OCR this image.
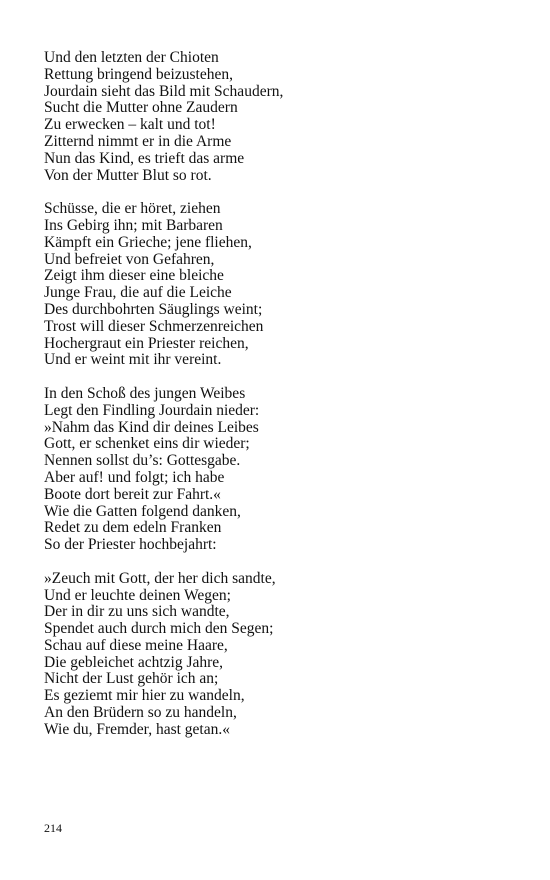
Und den letzten der Chioten
Rettung bringend beizustehen,
Jourdain sieht das Bild mit Schaudern,
Sucht die Mutter ohne Zaudern
Zu erwecken – kalt und tot!
Zitternd nimmt er in die Arme
Nun das Kind, es trieft das arme
Von der Mutter Blut so rot.
Schüsse, die er höret, ziehen
Ins Gebirg ihn; mit Barbaren
Kämpft ein Grieche; jene fliehen,
Und befreiet von Gefahren,
Zeigt ihm dieser eine bleiche
Junge Frau, die auf die Leiche
Des durchbohrten Säuglings weint;
Trost will dieser Schmerzenreichen
Hochergraut ein Priester reichen,
Und er weint mit ihr vereint.
In den Schoß des jungen Weibes
Legt den Findling Jourdain nieder:
»Nahm das Kind dir deines Leibes
Gott, er schenket eins dir wieder;
Nennen sollst du’s: Gottesgabe.
Aber auf! und folgt; ich habe
Boote dort bereit zur Fahrt.«
Wie die Gatten folgend danken,
Redet zu dem edeln Franken
So der Priester hochbejahrt:
»Zeuch mit Gott, der her dich sandte,
Und er leuchte deinen Wegen;
Der in dir zu uns sich wandte,
Spendet auch durch mich den Segen;
Schau auf diese meine Haare,
Die gebleichet achtzig Jahre,
Nicht der Lust gehör ich an;
Es geziemt mir hier zu wandeln,
An den Brüdern so zu handeln,
Wie du, Fremder, hast getan.«
214
